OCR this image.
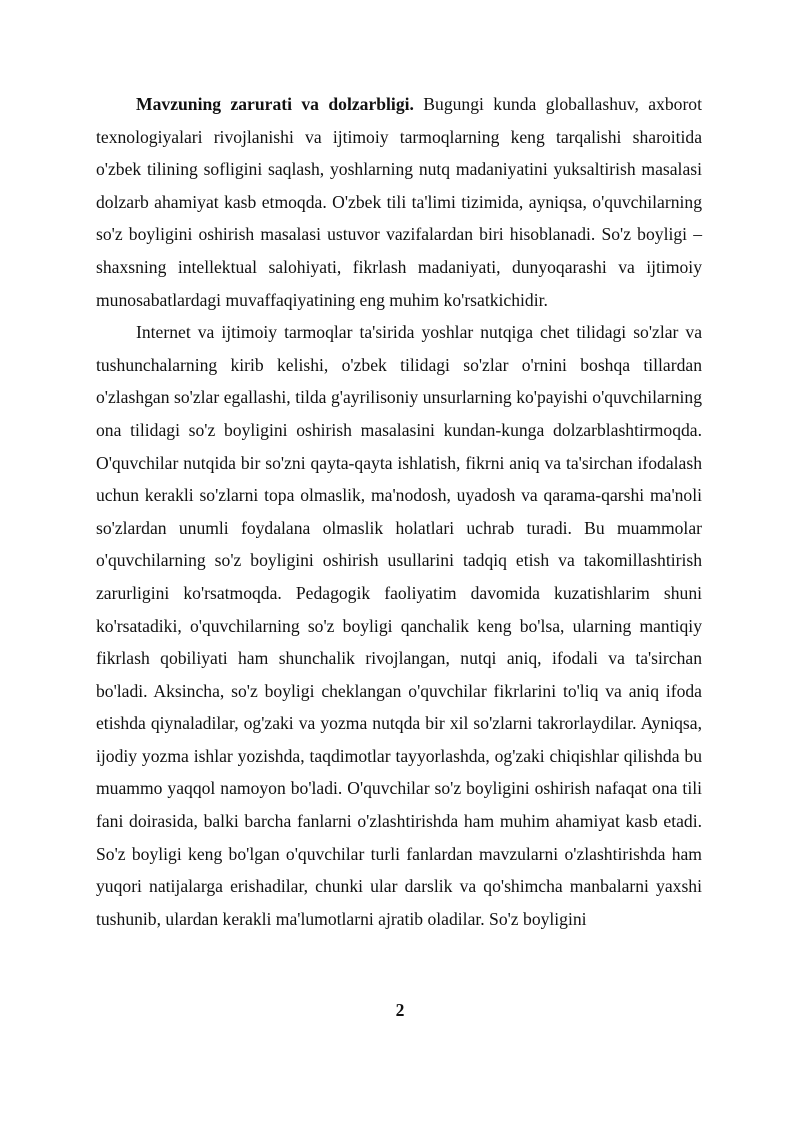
Mavzuning zarurati va dolzarbligi. Bugungi kunda globallashuv, axborot texnologiyalari rivojlanishi va ijtimoiy tarmoqlarning keng tarqalishi sharoitida o'zbek tilining sofligini saqlash, yoshlarning nutq madaniyatini yuksaltirish masalasi dolzarb ahamiyat kasb etmoqda. O'zbek tili ta'limi tizimida, ayniqsa, o'quvchilarning so'z boyligini oshirish masalasi ustuvor vazifalardan biri hisoblanadi. So'z boyligi – shaxsning intellektual salohiyati, fikrlash madaniyati, dunyoqarashi va ijtimoiy munosabatlardagi muvaffaqiyatining eng muhim ko'rsatkichidir.

Internet va ijtimoiy tarmoqlar ta'sirida yoshlar nutqiga chet tilidagi so'zlar va tushunchalarning kirib kelishi, o'zbek tilidagi so'zlar o'rnini boshqa tillardan o'zlashgan so'zlar egallashi, tilda g'ayrilisoniy unsurlarning ko'payishi o'quvchilarning ona tilidagi so'z boyligini oshirish masalasini kundan-kunga dolzarblashtirmoqda. O'quvchilar nutqida bir so'zni qayta-qayta ishlatish, fikrni aniq va ta'sirchan ifodalash uchun kerakli so'zlarni topa olmaslik, ma'nodosh, uyadosh va qarama-qarshi ma'noli so'zlardan unumli foydalana olmaslik holatlari uchrab turadi. Bu muammolar o'quvchilarning so'z boyligini oshirish usullarini tadqiq etish va takomillashtirish zarurligini ko'rsatmoqda. Pedagogik faoliyatim davomida kuzatishlarim shuni ko'rsatadiki, o'quvchilarning so'z boyligi qanchalik keng bo'lsa, ularning mantiqiy fikrlash qobiliyati ham shunchalik rivojlangan, nutqi aniq, ifodali va ta'sirchan bo'ladi. Aksincha, so'z boyligi cheklangan o'quvchilar fikrlarini to'liq va aniq ifoda etishda qiynaladilar, og'zaki va yozma nutqda bir xil so'zlarni takrorlaydilar. Ayniqsa, ijodiy yozma ishlar yozishda, taqdimotlar tayyorlashda, og'zaki chiqishlar qilishda bu muammo yaqqol namoyon bo'ladi. O'quvchilar so'z boyligini oshirish nafaqat ona tili fani doirasida, balki barcha fanlarni o'zlashtirishda ham muhim ahamiyat kasb etadi. So'z boyligi keng bo'lgan o'quvchilar turli fanlardan mavzularni o'zlashtirishda ham yuqori natijalarga erishadilar, chunki ular darslik va qo'shimcha manbalarni yaxshi tushunib, ulardan kerakli ma'lumotlarni ajratib oladilar. So'z boyligini

2
